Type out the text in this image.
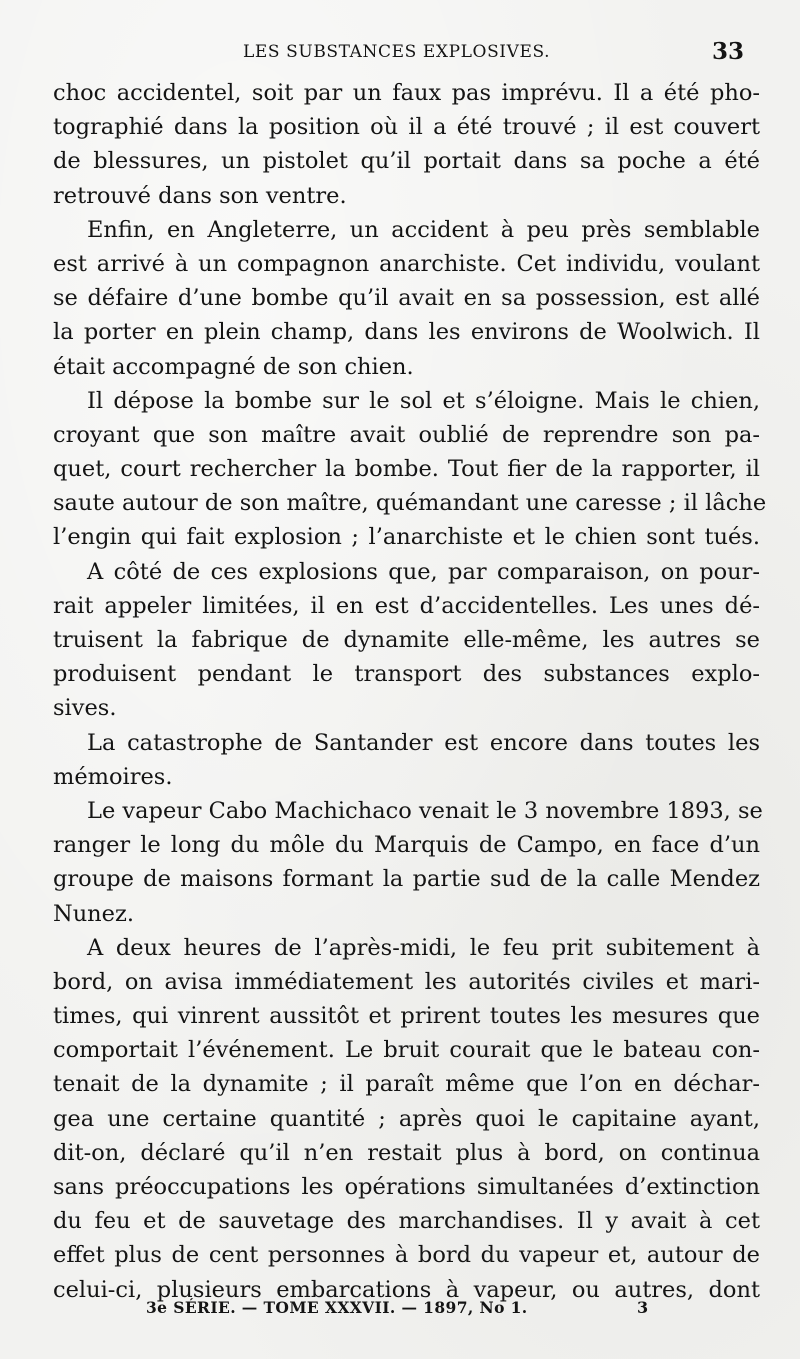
LES SUBSTANCES EXPLOSIVES.	33
choc accidentel, soit par un faux pas imprévu. Il a été pho-
tographié dans la position où il a été trouvé ; il est couvert
de blessures, un pistolet qu’il portait dans sa poche a été
retrouvé dans son ventre.
Enfin, en Angleterre, un accident à peu près semblable
est arrivé à un compagnon anarchiste. Cet individu, voulant
se défaire d’une bombe qu’il avait en sa possession, est allé
la porter en plein champ, dans les environs de Woolwich. Il
était accompagné de son chien.
Il dépose la bombe sur le sol et s’éloigne. Mais le chien,
croyant que son maître avait oublié de reprendre son pa-
quet, court rechercher la bombe. Tout fier de la rapporter, il
saute autour de son maître, quémandant une caresse ; il lâche
l’engin qui fait explosion ; l’anarchiste et le chien sont tués.
A côté de ces explosions que, par comparaison, on pour-
rait appeler limitées, il en est d’accidentelles. Les unes dé-
truisent la fabrique de dynamite elle-même, les autres se
produisent pendant le transport des substances explo-
sives.
La catastrophe de Santander est encore dans toutes les
mémoires.
Le vapeur Cabo Machichaco venait le 3 novembre 1893, se
ranger le long du môle du Marquis de Campo, en face d’un
groupe de maisons formant la partie sud de la calle Mendez
Nunez.
A deux heures de l’après-midi, le feu prit subitement à
bord, on avisa immédiatement les autorités civiles et mari-
times, qui vinrent aussitôt et prirent toutes les mesures que
comportait l’événement. Le bruit courait que le bateau con-
tenait de la dynamite ; il paraît même que l’on en déchar-
gea une certaine quantité ; après quoi le capitaine ayant,
dit-on, déclaré qu’il n’en restait plus à bord, on continua
sans préoccupations les opérations simultanées d’extinction
du feu et de sauvetage des marchandises. Il y avait à cet
effet plus de cent personnes à bord du vapeur et, autour de
celui-ci, plusieurs embarcations à vapeur, ou autres, dont
3e SÉRIE. — TOME XXXVII. — 1897, No 1.	3
